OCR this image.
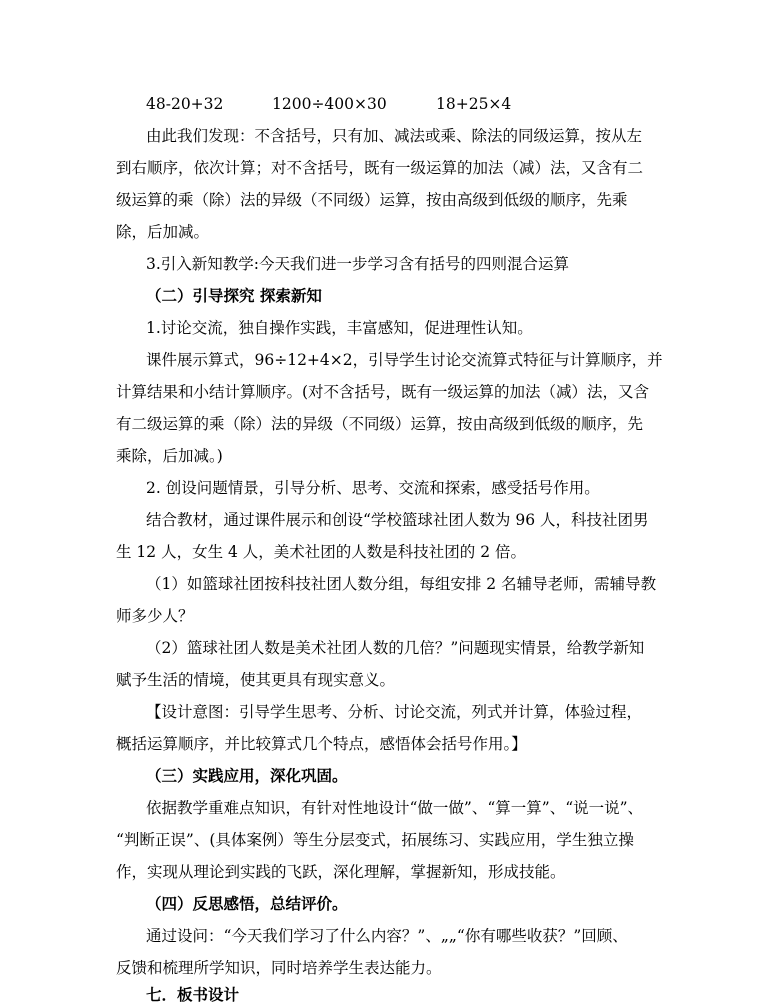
48-20+32	1200÷400×30	18+25×4
由此我们发现：不含括号，只有加、减法或乘、除法的同级运算，按从左
到右顺序，依次计算；对不含括号，既有一级运算的加法（减）法，又含有二
级运算的乘（除）法的异级（不同级）运算，按由高级到低级的顺序，先乘
除，后加减。
3.引入新知教学:今天我们进一步学习含有括号的四则混合运算
（二）引导探究 探索新知
1.讨论交流，独自操作实践，丰富感知，促进理性认知。
课件展示算式，96÷12+4×2，引导学生讨论交流算式特征与计算顺序，并
计算结果和小结计算顺序。(对不含括号，既有一级运算的加法（减）法，又含
有二级运算的乘（除）法的异级（不同级）运算，按由高级到低级的顺序，先
乘除，后加减。)
2. 创设问题情景，引导分析、思考、交流和探索，感受括号作用。
结合教材，通过课件展示和创设“学校篮球社团人数为 96 人，科技社团男
生 12 人，女生 4 人，美术社团的人数是科技社团的 2 倍。
（1）如篮球社团按科技社团人数分组，每组安排 2 名辅导老师，需辅导教
师多少人？
（2）篮球社团人数是美术社团人数的几倍？”问题现实情景，给教学新知
赋予生活的情境，使其更具有现实意义。
【设计意图：引导学生思考、分析、讨论交流，列式并计算，体验过程，
概括运算顺序，并比较算式几个特点，感悟体会括号作用。】
（三）实践应用，深化巩固。
依据教学重难点知识，有针对性地设计“做一做”、“算一算”、“说一说”、
“判断正误”、(具体案例）等生分层变式，拓展练习、实践应用，学生独立操
作，实现从理论到实践的飞跃，深化理解，掌握新知，形成技能。
（四）反思感悟，总结评价。
通过设问：“今天我们学习了什么内容？”、„„“你有哪些收获？”回顾、
反馈和梳理所学知识，同时培养学生表达能力。
七．板书设计
